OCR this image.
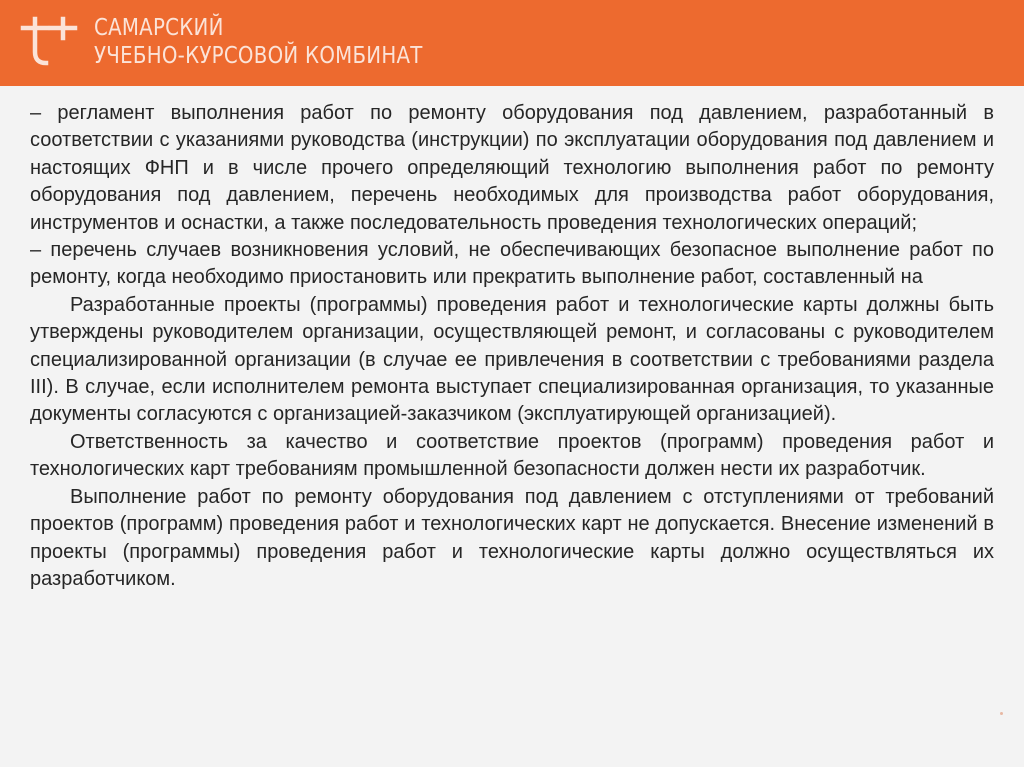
САМАРСКИЙ
УЧЕБНО-КУРСОВОЙ КОМБИНАТ

– регламент выполнения работ по ремонту оборудования под давлением, разработанный в соответствии с указаниями руководства (инструкции) по эксплуатации оборудования под давлением и настоящих ФНП и в числе прочего определяющий технологию выполнения работ по ремонту оборудования под давлением, перечень необходимых для производства работ оборудования, инструментов и оснастки, а также последовательность проведения технологических операций;

– перечень случаев возникновения условий, не обеспечивающих безопасное выполнение работ по ремонту, когда необходимо приостановить или прекратить выполнение работ, составленный на

Разработанные проекты (программы) проведения работ и технологические карты должны быть утверждены руководителем организации, осуществляющей ремонт, и согласованы с руководителем специализированной организации (в случае ее привлечения в соответствии с требованиями раздела III). В случае, если исполнителем ремонта выступает специализированная организация, то указанные документы согласуются с организацией-заказчиком (эксплуатирующей организацией).

Ответственность за качество и соответствие проектов (программ) проведения работ и технологических карт требованиям промышленной безопасности должен нести их разработчик.

Выполнение работ по ремонту оборудования под давлением с отступлениями от требований проектов (программ) проведения работ и технологических карт не допускается. Внесение изменений в проекты (программы) проведения работ и технологические карты должно осуществляться их разработчиком.
